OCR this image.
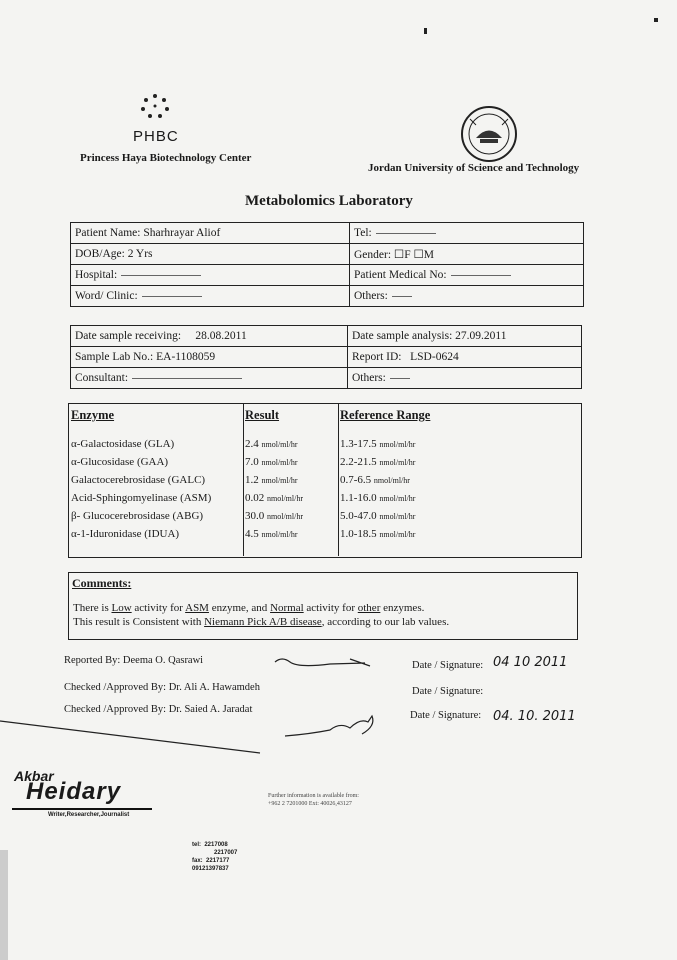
PHBC
Princess Haya Biotechnology Center
Jordan University of Science and Technology
Metabolomics Laboratory
Patient Name: Sharhrayar Aliof	Tel:
DOB/Age: 2 Yrs	Gender: ☐F ☐M
Hospital:	Patient Medical No:
Word/ Clinic:	Others:
Date sample receiving: 28.08.2011	Date sample analysis: 27.09.2011
Sample Lab No.: EA-1108059	Report ID: LSD-0624
Consultant:	Others:
Enzyme	Result	Reference Range
α-Galactosidase (GLA)	2.4 nmol/ml/hr	1.3-17.5 nmol/ml/hr
α-Glucosidase (GAA)	7.0 nmol/ml/hr	2.2-21.5 nmol/ml/hr
Galactocerebrosidase (GALC)	1.2 nmol/ml/hr	0.7-6.5 nmol/ml/hr
Acid-Sphingomyelinase (ASM)	0.02 nmol/ml/hr	1.1-16.0 nmol/ml/hr
β- Glucocerebrosidase (ABG)	30.0 nmol/ml/hr	5.0-47.0 nmol/ml/hr
α-1-Iduronidase (IDUA)	4.5 nmol/ml/hr	1.0-18.5 nmol/ml/hr
Comments:
There is Low activity for ASM enzyme, and Normal activity for other enzymes.
This result is Consistent with Niemann Pick A/B disease, according to our lab values.
Reported By: Deema O. Qasrawi	Date / Signature: 04 10 2011
Checked /Approved By: Dr. Ali A. Hawamdeh	Date / Signature:
Checked /Approved By: Dr. Saied A. Jaradat
Date / Signature: 04. 10. 2011
Akbar
Heidary
Writer,Researcher,Journalist
tel: 2217008
2217007
fax: 2217177
09121397837
Further information is available from:
+962 2 7201000 Ext: 40026,43127
